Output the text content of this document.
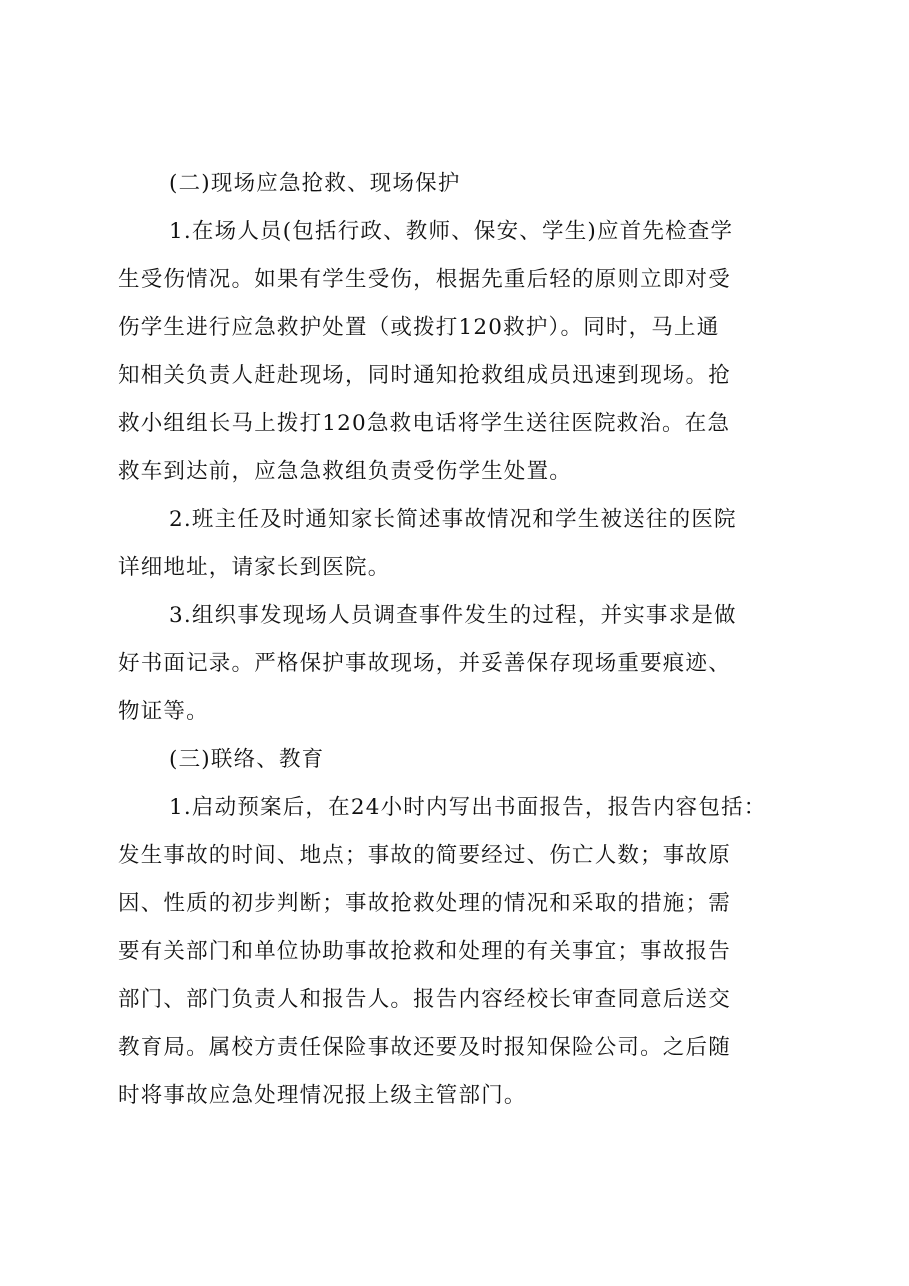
(二)现场应急抢救、现场保护
1.在场人员(包括行政、教师、保安、学生)应首先检查学
生受伤情况。如果有学生受伤，根据先重后轻的原则立即对受
伤学生进行应急救护处置（或拨打120救护）。同时，马上通
知相关负责人赶赴现场，同时通知抢救组成员迅速到现场。抢
救小组组长马上拨打120急救电话将学生送往医院救治。在急
救车到达前，应急急救组负责受伤学生处置。
2.班主任及时通知家长简述事故情况和学生被送往的医院
详细地址，请家长到医院。
3.组织事发现场人员调查事件发生的过程，并实事求是做
好书面记录。严格保护事故现场，并妥善保存现场重要痕迹、
物证等。
(三)联络、教育
1.启动预案后，在24小时内写出书面报告，报告内容包括：
发生事故的时间、地点；事故的简要经过、伤亡人数；事故原
因、性质的初步判断；事故抢救处理的情况和采取的措施；需
要有关部门和单位协助事故抢救和处理的有关事宜；事故报告
部门、部门负责人和报告人。报告内容经校长审查同意后送交
教育局。属校方责任保险事故还要及时报知保险公司。之后随
时将事故应急处理情况报上级主管部门。
